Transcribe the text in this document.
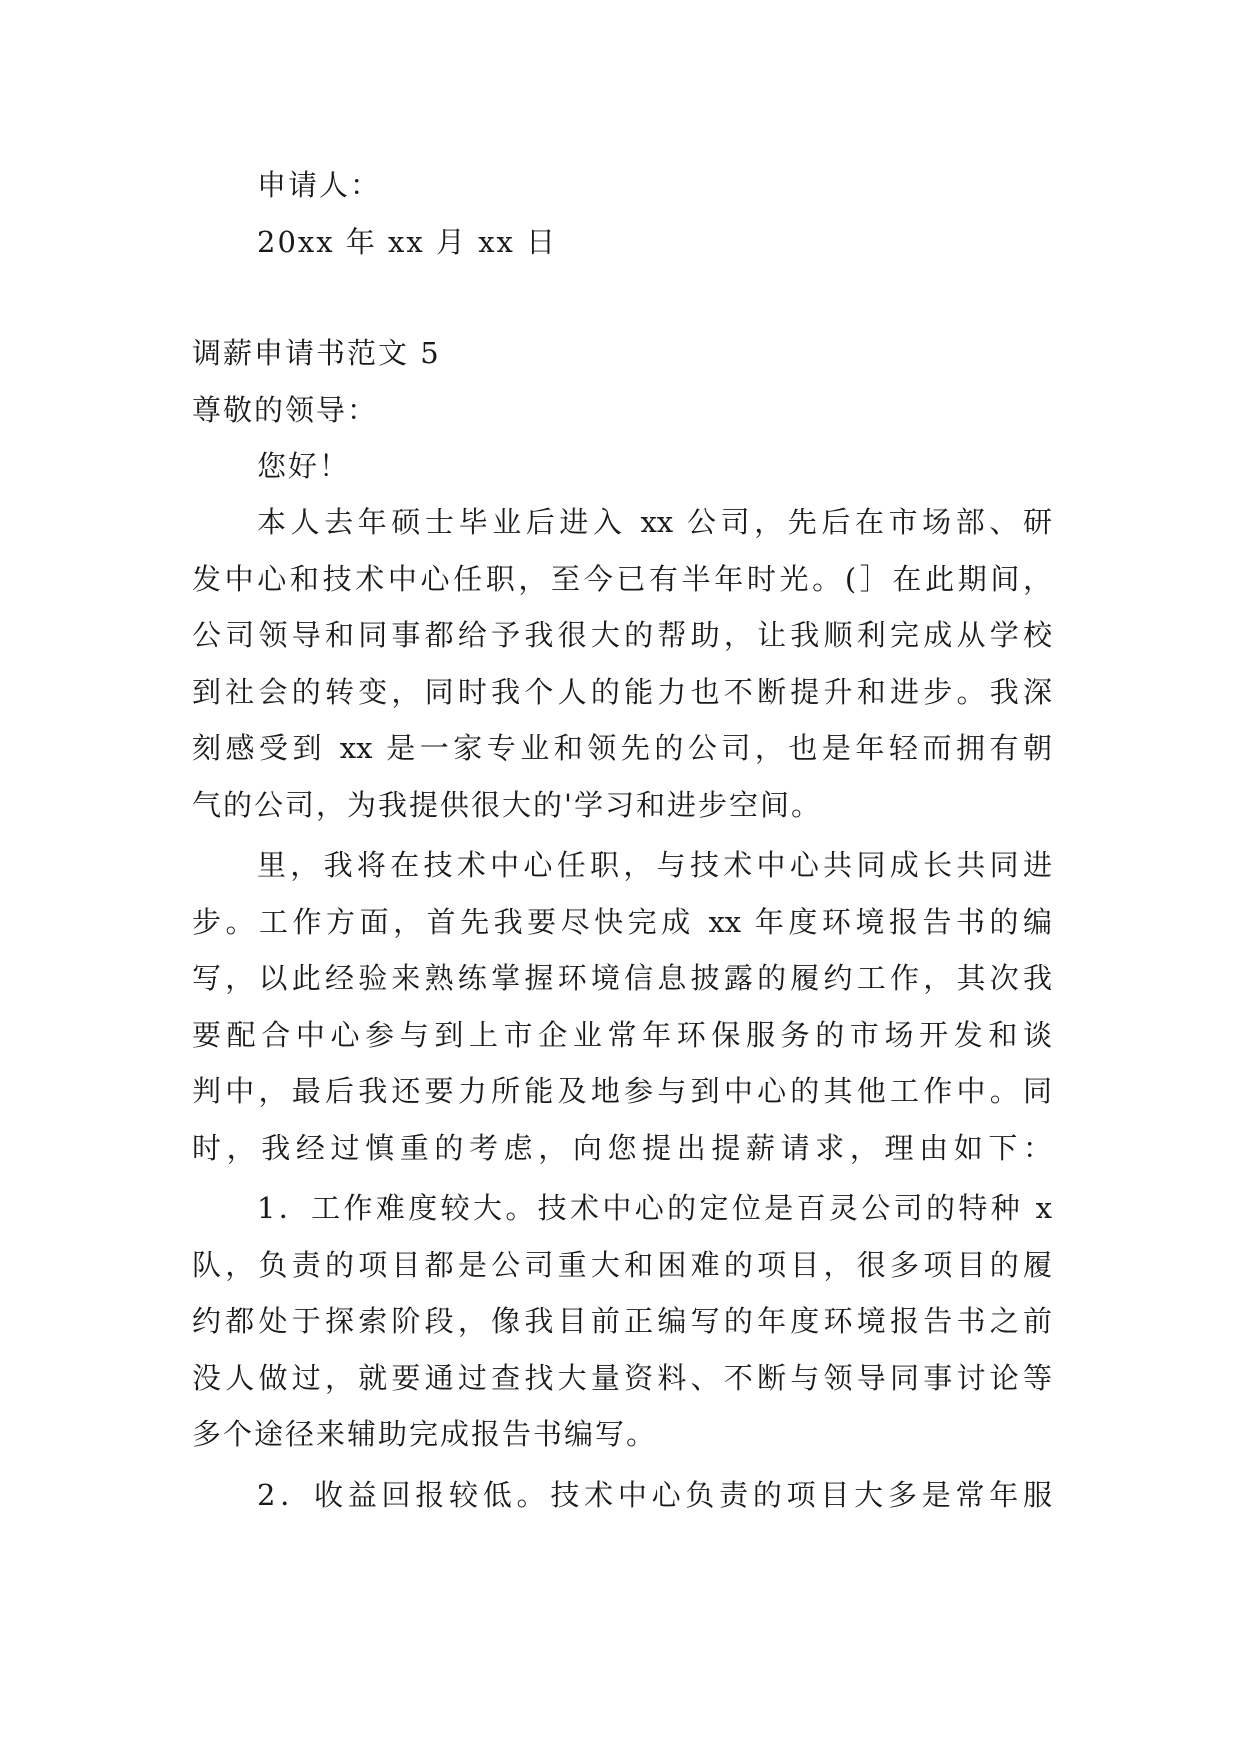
申请人：
20xx 年 xx 月 xx 日
调薪申请书范文 5
尊敬的领导：
您好！
本人去年硕士毕业后进入 xx 公司，先后在市场部、研
发中心和技术中心任职，至今已有半年时光。(］在此期间，
公司领导和同事都给予我很大的帮助，让我顺利完成从学校
到社会的转变，同时我个人的能力也不断提升和进步。我深
刻感受到 xx 是一家专业和领先的公司，也是年轻而拥有朝
气的公司，为我提供很大的'学习和进步空间。
里，我将在技术中心任职，与技术中心共同成长共同进
步。工作方面，首先我要尽快完成 xx 年度环境报告书的编
写，以此经验来熟练掌握环境信息披露的履约工作，其次我
要配合中心参与到上市企业常年环保服务的市场开发和谈
判中，最后我还要力所能及地参与到中心的其他工作中。同
时，我经过慎重的考虑，向您提出提薪请求，理由如下：
1．工作难度较大。技术中心的定位是百灵公司的特种 x
队，负责的项目都是公司重大和困难的项目，很多项目的履
约都处于探索阶段，像我目前正编写的年度环境报告书之前
没人做过，就要通过查找大量资料、不断与领导同事讨论等
多个途径来辅助完成报告书编写。
2．收益回报较低。技术中心负责的项目大多是常年服
